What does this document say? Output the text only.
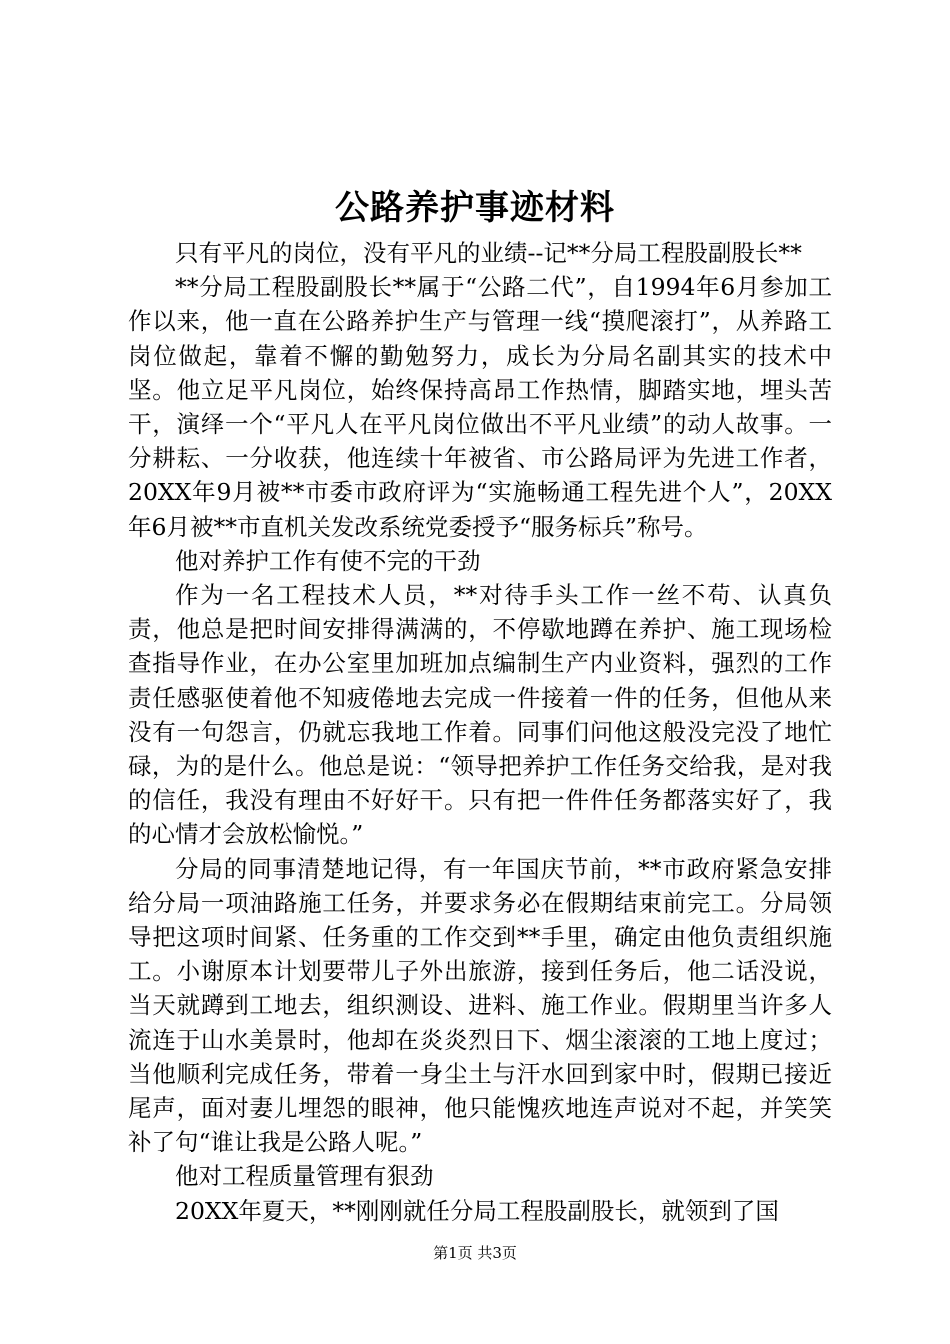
公路养护事迹材料

只有平凡的岗位，没有平凡的业绩--记**分局工程股副股长**

**分局工程股副股长**属于“公路二代”，自1994年6月参加工作以来，他一直在公路养护生产与管理一线“摸爬滚打”，从养路工岗位做起，靠着不懈的勤勉努力，成长为分局名副其实的技术中坚。他立足平凡岗位，始终保持高昂工作热情，脚踏实地，埋头苦干，演绎一个“平凡人在平凡岗位做出不平凡业绩”的动人故事。一分耕耘、一分收获，他连续十年被省、市公路局评为先进工作者，20XX年9月被**市委市政府评为“实施畅通工程先进个人”，20XX年6月被**市直机关发改系统党委授予“服务标兵”称号。

他对养护工作有使不完的干劲

作为一名工程技术人员，**对待手头工作一丝不苟、认真负责，他总是把时间安排得满满的，不停歇地蹲在养护、施工现场检查指导作业，在办公室里加班加点编制生产内业资料，强烈的工作责任感驱使着他不知疲倦地去完成一件接着一件的任务，但他从来没有一句怨言，仍就忘我地工作着。同事们问他这般没完没了地忙碌，为的是什么。他总是说：“领导把养护工作任务交给我，是对我的信任，我没有理由不好好干。只有把一件件任务都落实好了，我的心情才会放松愉悦。”

分局的同事清楚地记得，有一年国庆节前，**市政府紧急安排给分局一项油路施工任务，并要求务必在假期结束前完工。分局领导把这项时间紧、任务重的工作交到**手里，确定由他负责组织施工。小谢原本计划要带儿子外出旅游，接到任务后，他二话没说，当天就蹲到工地去，组织测设、进料、施工作业。假期里当许多人流连于山水美景时，他却在炎炎烈日下、烟尘滚滚的工地上度过；当他顺利完成任务，带着一身尘土与汗水回到家中时，假期已接近尾声，面对妻儿埋怨的眼神，他只能愧疚地连声说对不起，并笑笑补了句“谁让我是公路人呢。”

他对工程质量管理有狠劲

20XX年夏天，**刚刚就任分局工程股副股长，就领到了国

第1页 共3页
